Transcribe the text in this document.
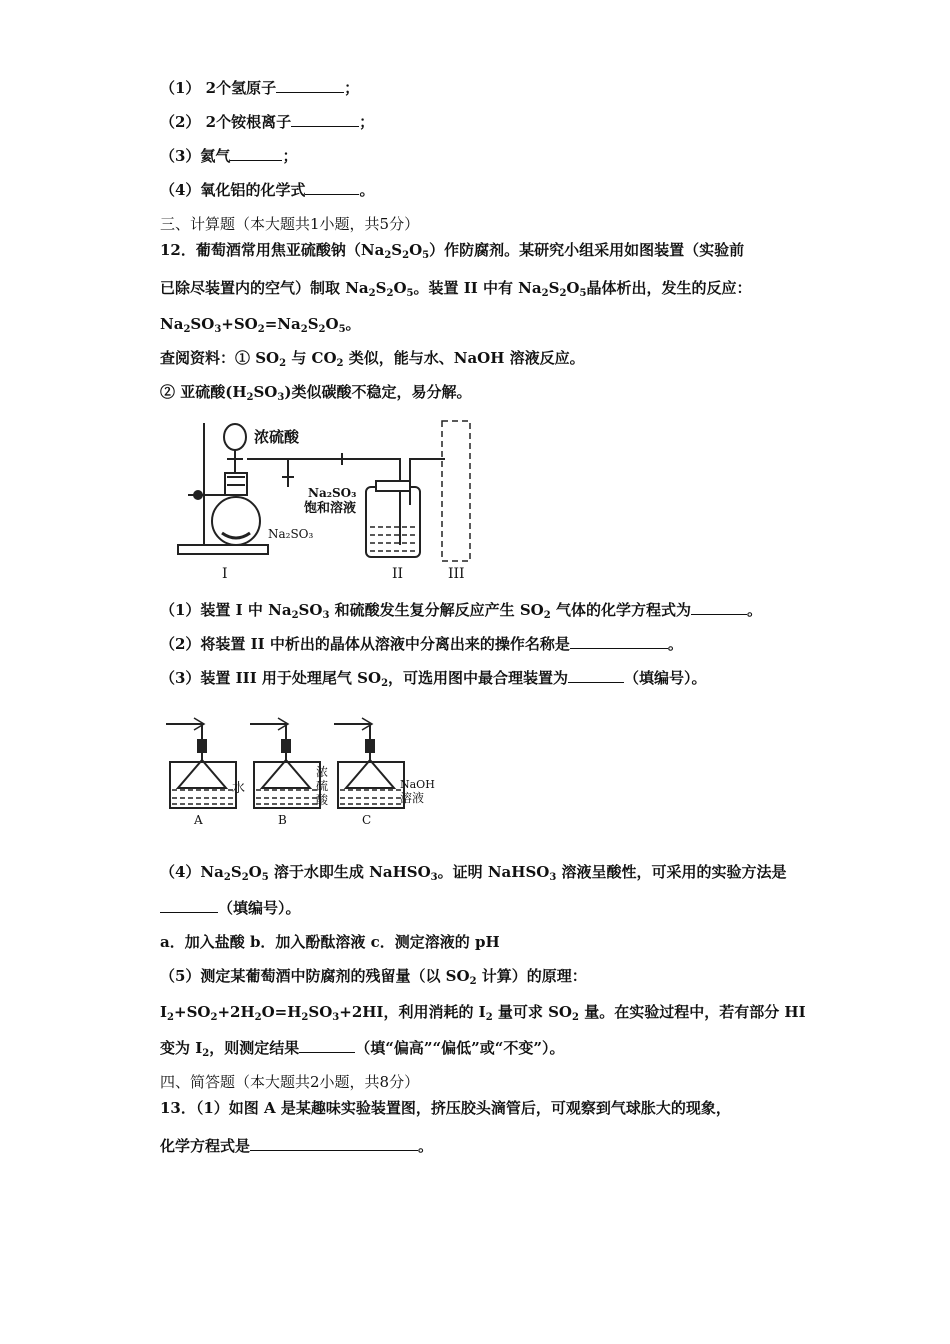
（1） 2个氢原子	；
（2） 2个铵根离子	；
（3）氦气	；
（4）氧化铝的化学式	。
三、计算题（本大题共1小题，共5分）
12．葡萄酒常用焦亚硫酸钠$(Na_2S_2O_5)$作防腐剂。某研究小组采用如图装置（实验前
已除尽装置内的空气）制取 $Na_2S_2O_5$。装置 II 中有 $Na_2S_2O_5$晶体析出，发生的反应：
$Na_2SO_3+SO_2=Na_2S_2O_5$。
查阅资料：① $SO_2$ 与 $CO_2$ 类似，能与水、NaOH 溶液反应。
② 亚硫酸$(H_2SO_3)$类似碳酸不稳定，易分解。
浓硫酸
Na₂SO₃
饱和溶液
Na₂SO₃
I	II	III
（1）装置 I 中 $Na_2SO_3$ 和硫酸发生复分解反应产生 $SO_2$ 气体的化学方程式为	。
（2）将装置 II 中析出的晶体从溶液中分离出来的操作名称是	。
（3）装置 III 用于处理尾气 $SO_2$，可选用图中最合理装置为	（填编号）。
水
浓
硫
酸
NaOH
溶液
A	B	C
$(4)Na_2S_2O_5$ 溶于水即生成 NaHSO$_3$。证明 NaHSO$_3$ 溶液呈酸性，可采用的实验方法是
（填编号）。
a．加入盐酸 b．加入酚酞溶液 c．测定溶液的 pH
（5）测定某葡萄酒中防腐剂的残留量（以 $SO_2$ 计算）的原理：
$I_2+SO_2+2H_2O=H_2SO_3+2HI$，利用消耗的 $I_2$ 量可求 $SO_2$ 量。在实验过程中，若有部分 HI
变为 $I_2$，则测定结果	（填“偏高”“偏低”或“不变”）。
四、简答题（本大题共2小题，共8分）
13．（1）如图 A 是某趣味实验装置图，挤压胶头滴管后，可观察到气球胀大的现象，
化学方程式是	。
